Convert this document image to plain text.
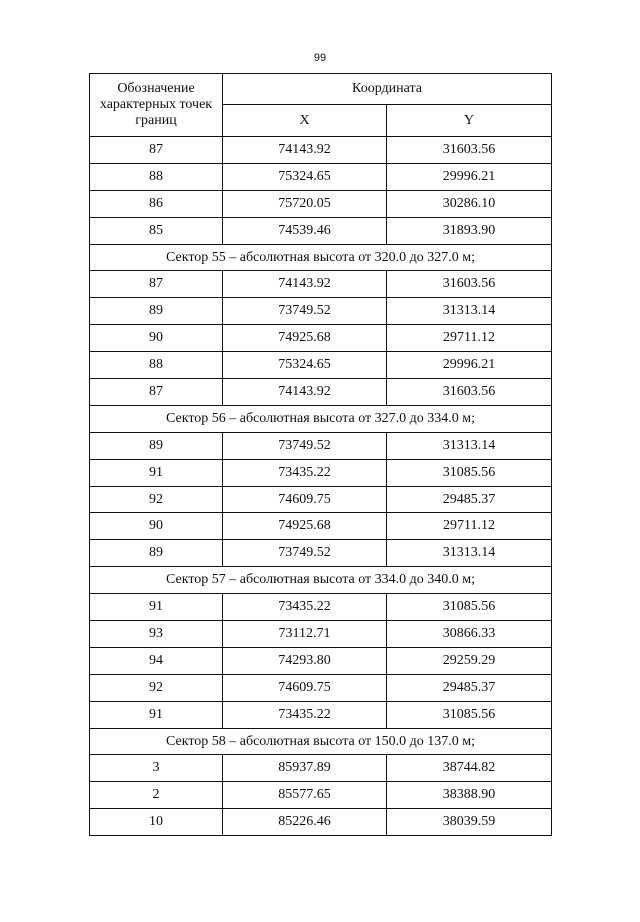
99
Обозначение характерных точек границ	Координата	
	X	Y
87	74143.92	31603.56
88	75324.65	29996.21
86	75720.05	30286.10
85	74539.46	31893.90
Сектор 55 – абсолютная высота от 320.0 до 327.0 м;		
87	74143.92	31603.56
89	73749.52	31313.14
90	74925.68	29711.12
88	75324.65	29996.21
87	74143.92	31603.56
Сектор 56 – абсолютная высота от 327.0 до 334.0 м;		
89	73749.52	31313.14
91	73435.22	31085.56
92	74609.75	29485.37
90	74925.68	29711.12
89	73749.52	31313.14
Сектор 57 – абсолютная высота от 334.0 до 340.0 м;		
91	73435.22	31085.56
93	73112.71	30866.33
94	74293.80	29259.29
92	74609.75	29485.37
91	73435.22	31085.56
Сектор 58 – абсолютная высота от 150.0 до 137.0 м;		
3	85937.89	38744.82
2	85577.65	38388.90
10	85226.46	38039.59
